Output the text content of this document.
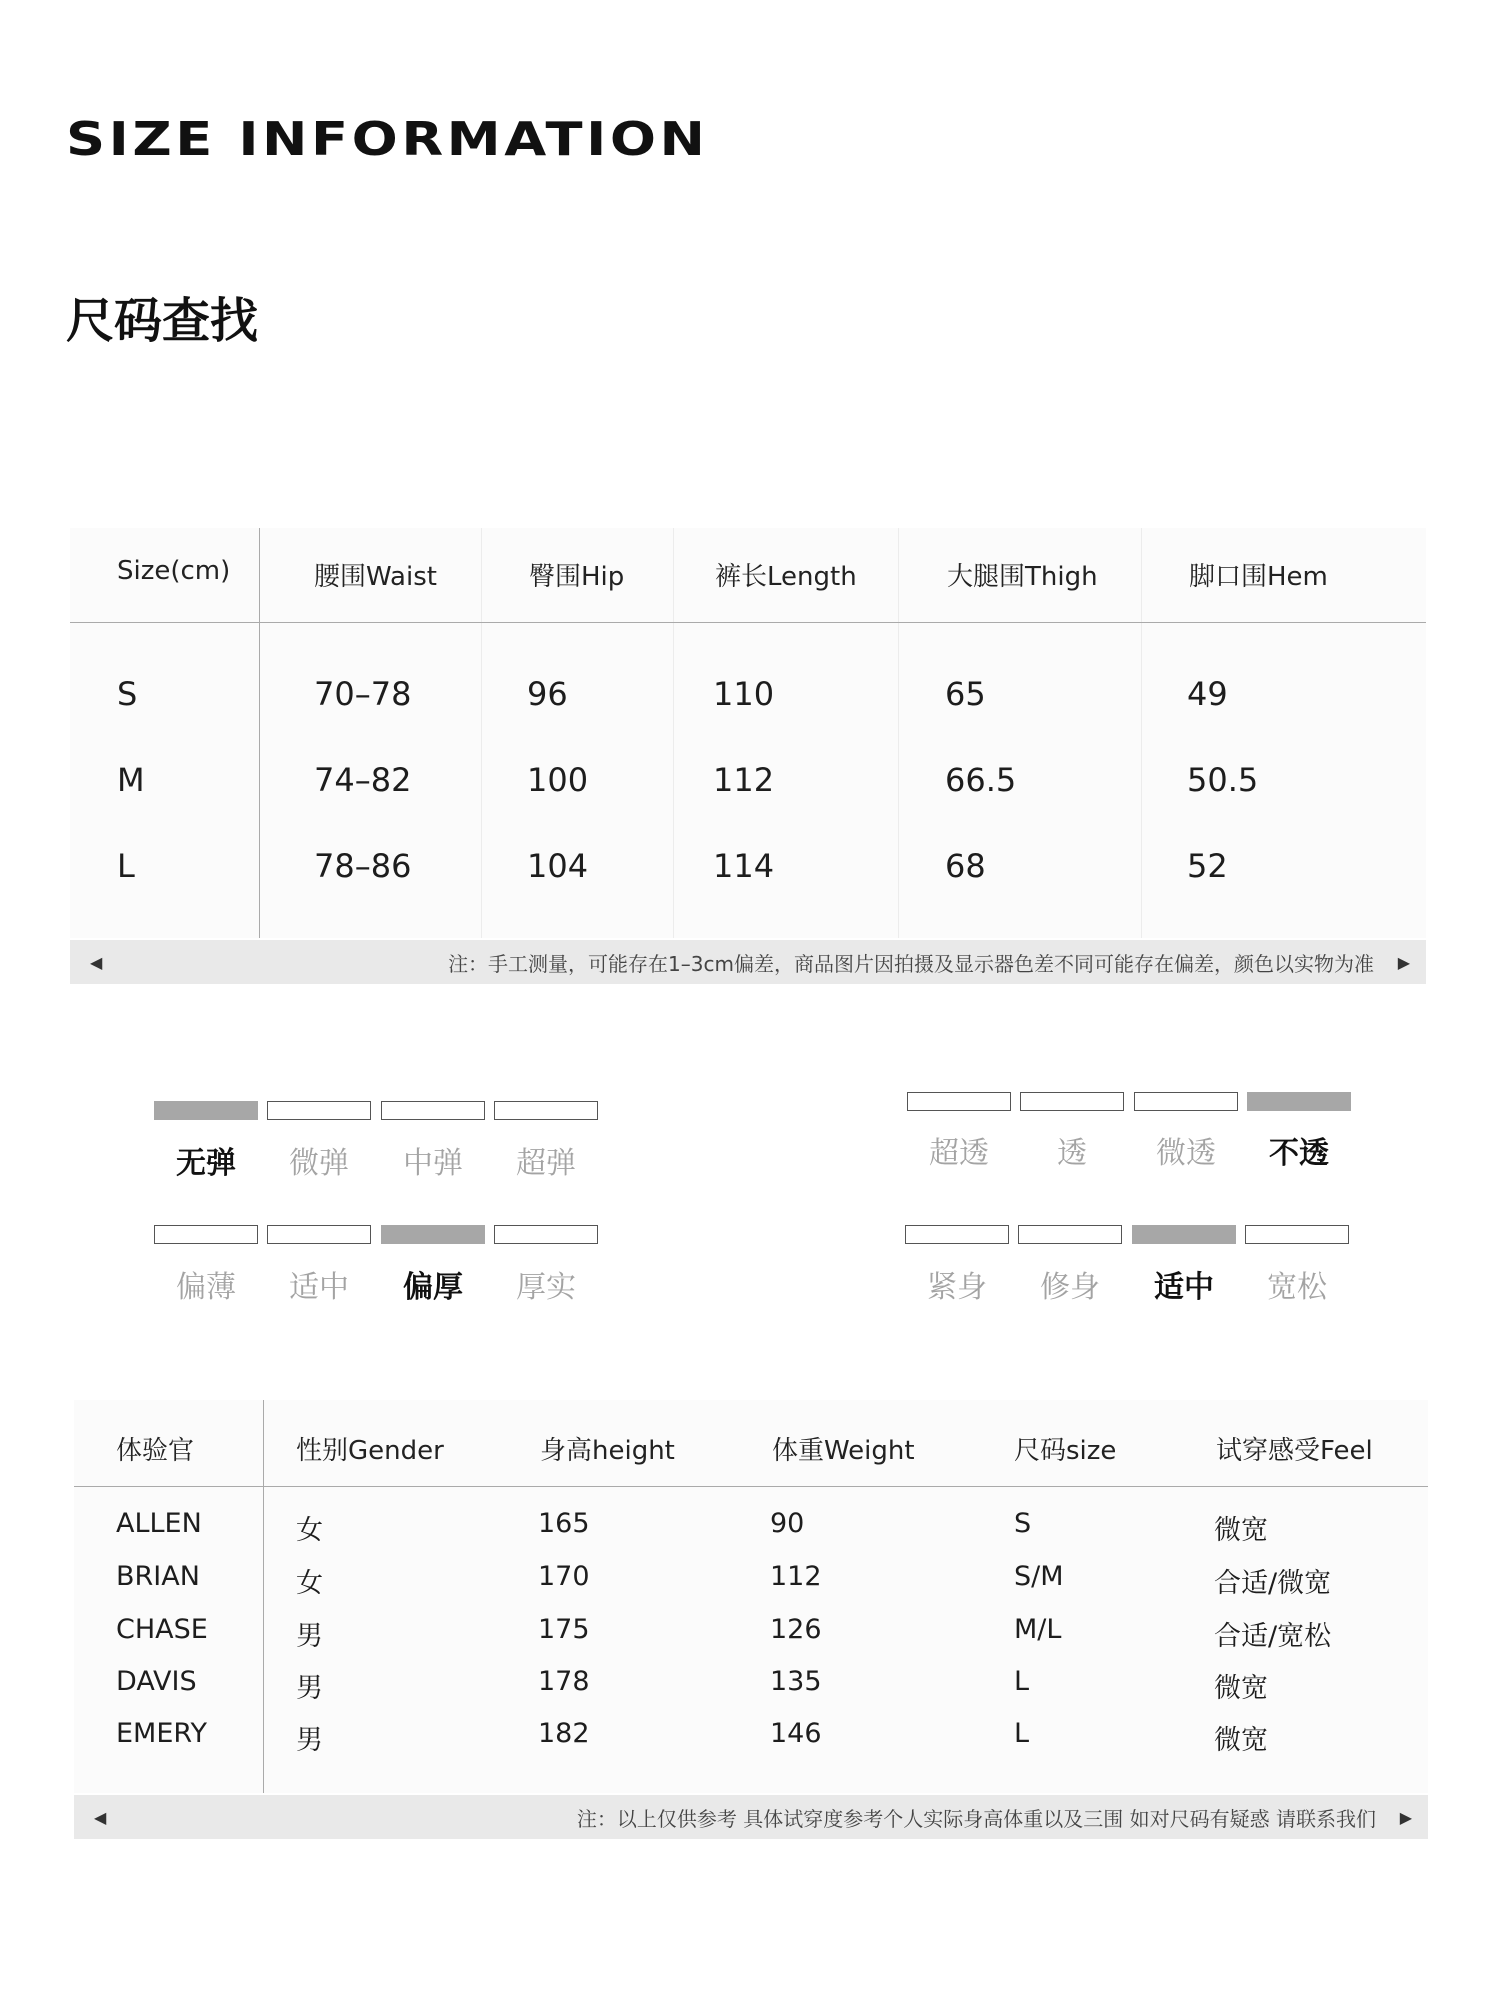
SIZE INFORMATION
尺码查找
Size(cm)	腰围Waist	臀围Hip	裤长Length	大腿围Thigh	脚口围Hem
S	70–78	96	110	65	49
M	74–82	100	112	66.5	50.5
L	78–86	104	114	68	52
◀	注：手工测量，可能存在1–3cm偏差，商品图片因拍摄及显示器色差不同可能存在偏差，颜色以实物为准 ▶
无弹	微弹	中弹	超弹
偏薄	适中	偏厚	厚实
超透	透	微透	不透
紧身	修身	适中	宽松
体验官	性别Gender	身高height	体重Weight	尺码size	试穿感受Feel
ALLEN	女	165	90	S	微宽
BRIAN	女	170	112	S/M	合适/微宽
CHASE	男	175	126	M/L	合适/宽松
DAVIS	男	178	135	L	微宽
EMERY	男	182	146	L	微宽
◀	注：以上仅供参考 具体试穿度参考个人实际身高体重以及三围 如对尺码有疑惑 请联系我们 ▶
